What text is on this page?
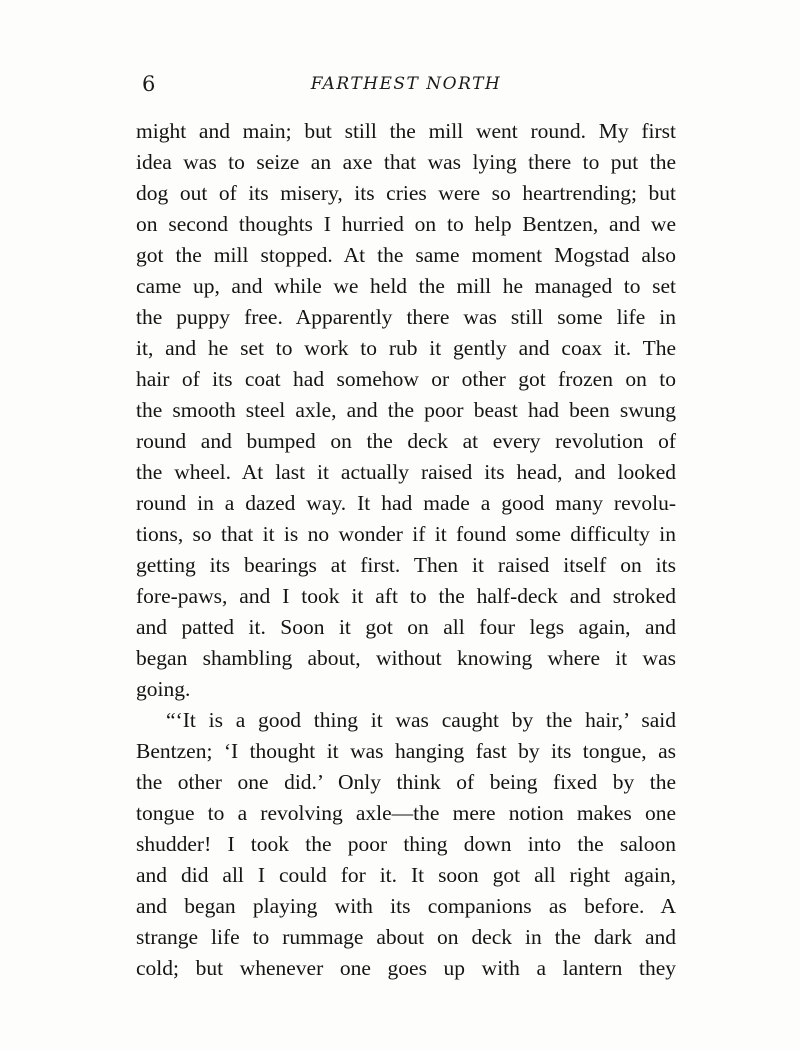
6	FARTHEST NORTH
might and main; but still the mill went round. My first
idea was to seize an axe that was lying there to put the
dog out of its misery, its cries were so heartrending; but
on second thoughts I hurried on to help Bentzen, and we
got the mill stopped. At the same moment Mogstad also
came up, and while we held the mill he managed to set
the puppy free. Apparently there was still some life in
it, and he set to work to rub it gently and coax it. The
hair of its coat had somehow or other got frozen on to
the smooth steel axle, and the poor beast had been swung
round and bumped on the deck at every revolution of
the wheel. At last it actually raised its head, and looked
round in a dazed way. It had made a good many revolu-
tions, so that it is no wonder if it found some difficulty in
getting its bearings at first. Then it raised itself on its
fore-paws, and I took it aft to the half-deck and stroked
and patted it. Soon it got on all four legs again, and
began shambling about, without knowing where it was
going.
“‘It is a good thing it was caught by the hair,’ said
Bentzen; ‘I thought it was hanging fast by its tongue, as
the other one did.’ Only think of being fixed by the
tongue to a revolving axle—the mere notion makes one
shudder! I took the poor thing down into the saloon
and did all I could for it. It soon got all right again,
and began playing with its companions as before. A
strange life to rummage about on deck in the dark and
cold; but whenever one goes up with a lantern they
